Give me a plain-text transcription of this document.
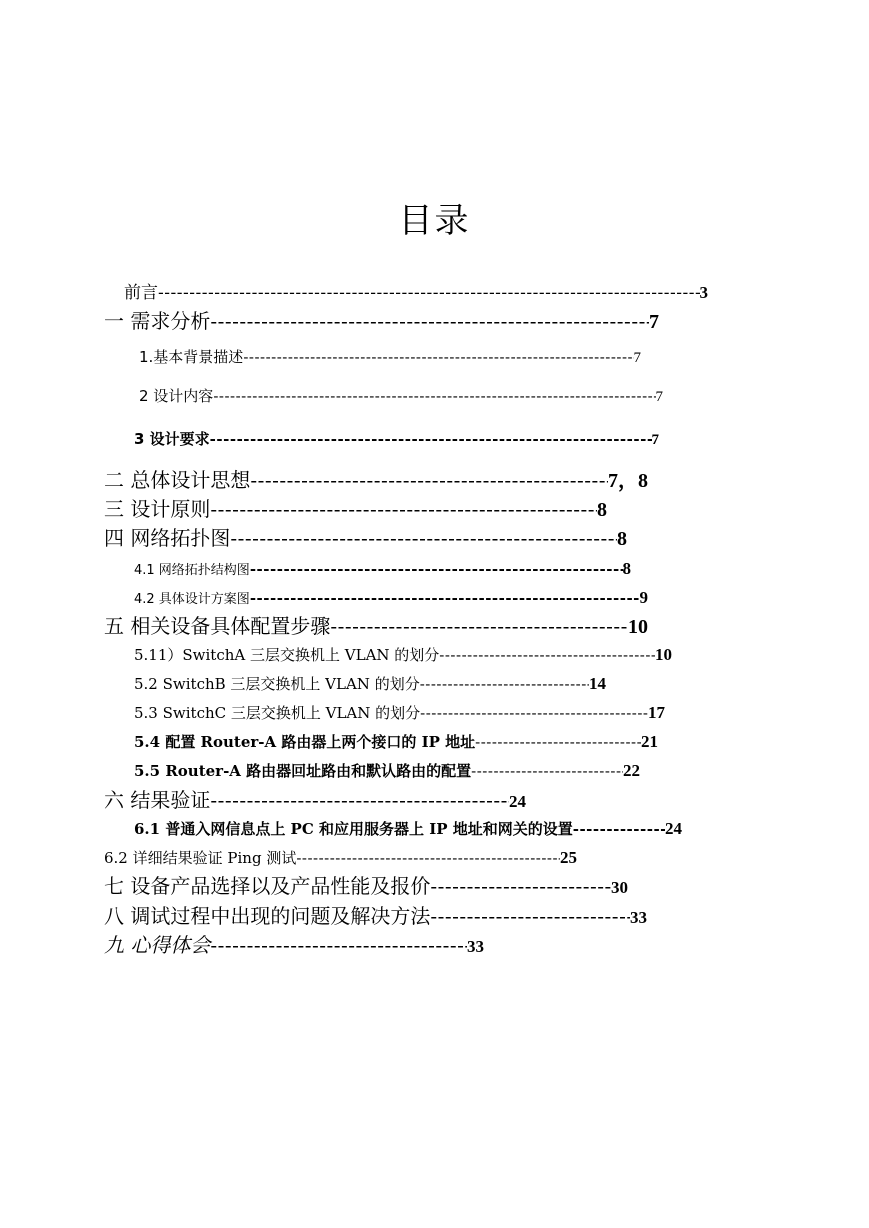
目录
前言 -----	3
一 需求分析 -----	7
1.基本背景描述 -----	7
2 设计内容 -----	7
3 设计要求 -----	7
二 总体设计思想 -----	7，8
三 设计原则 -----	8
四 网络拓扑图 -----	8
4.1 网络拓扑结构图 -----	8
4.2 具体设计方案图 -----	9
五 相关设备具体配置步骤 -----	10
5.11）SwitchA 三层交换机上 VLAN 的划分 -----	10
5.2 SwitchB 三层交换机上 VLAN 的划分 -----	14
5.3 SwitchC 三层交换机上 VLAN 的划分 -----	17
5.4 配置 Router-A 路由器上两个接口的 IP 地址 -----	21
5.5 Router-A 路由器回址路由和默认路由的配置 -----	22
六 结果验证 -----	24
6.1 普通入网信息点上 PC 和应用服务器上 IP 地址和网关的设置 -----	24
6.2 详细结果验证 Ping 测试 -----	25
七 设备产品选择以及产品性能及报价 -----	30
八 调试过程中出现的问题及解决方法 -----	33
九 心得体会 -----	33
